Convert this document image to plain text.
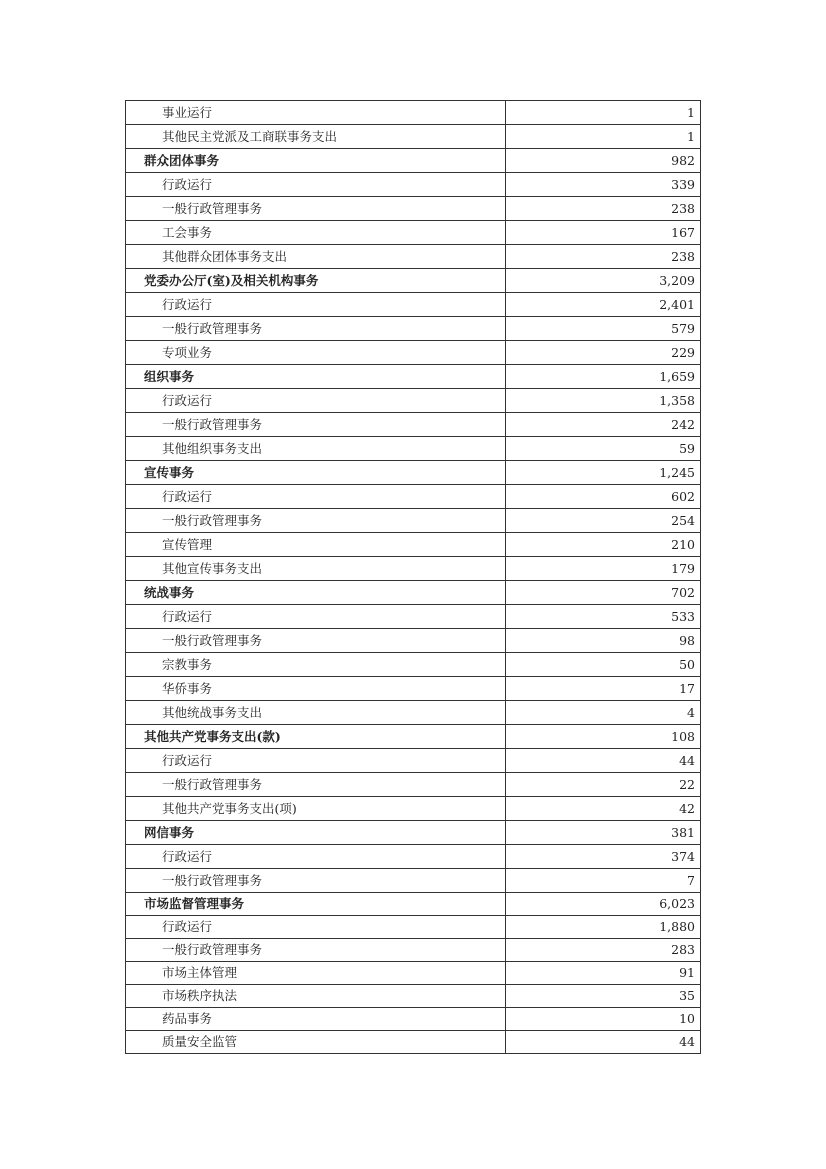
事业运行	1
其他民主党派及工商联事务支出	1
群众团体事务	982
行政运行	339
一般行政管理事务	238
工会事务	167
其他群众团体事务支出	238
党委办公厅(室)及相关机构事务	3,209
行政运行	2,401
一般行政管理事务	579
专项业务	229
组织事务	1,659
行政运行	1,358
一般行政管理事务	242
其他组织事务支出	59
宣传事务	1,245
行政运行	602
一般行政管理事务	254
宣传管理	210
其他宣传事务支出	179
统战事务	702
行政运行	533
一般行政管理事务	98
宗教事务	50
华侨事务	17
其他统战事务支出	4
其他共产党事务支出(款)	108
行政运行	44
一般行政管理事务	22
其他共产党事务支出(项)	42
网信事务	381
行政运行	374
一般行政管理事务	7
市场监督管理事务	6,023
行政运行	1,880
一般行政管理事务	283
市场主体管理	91
市场秩序执法	35
药品事务	10
质量安全监管	44
